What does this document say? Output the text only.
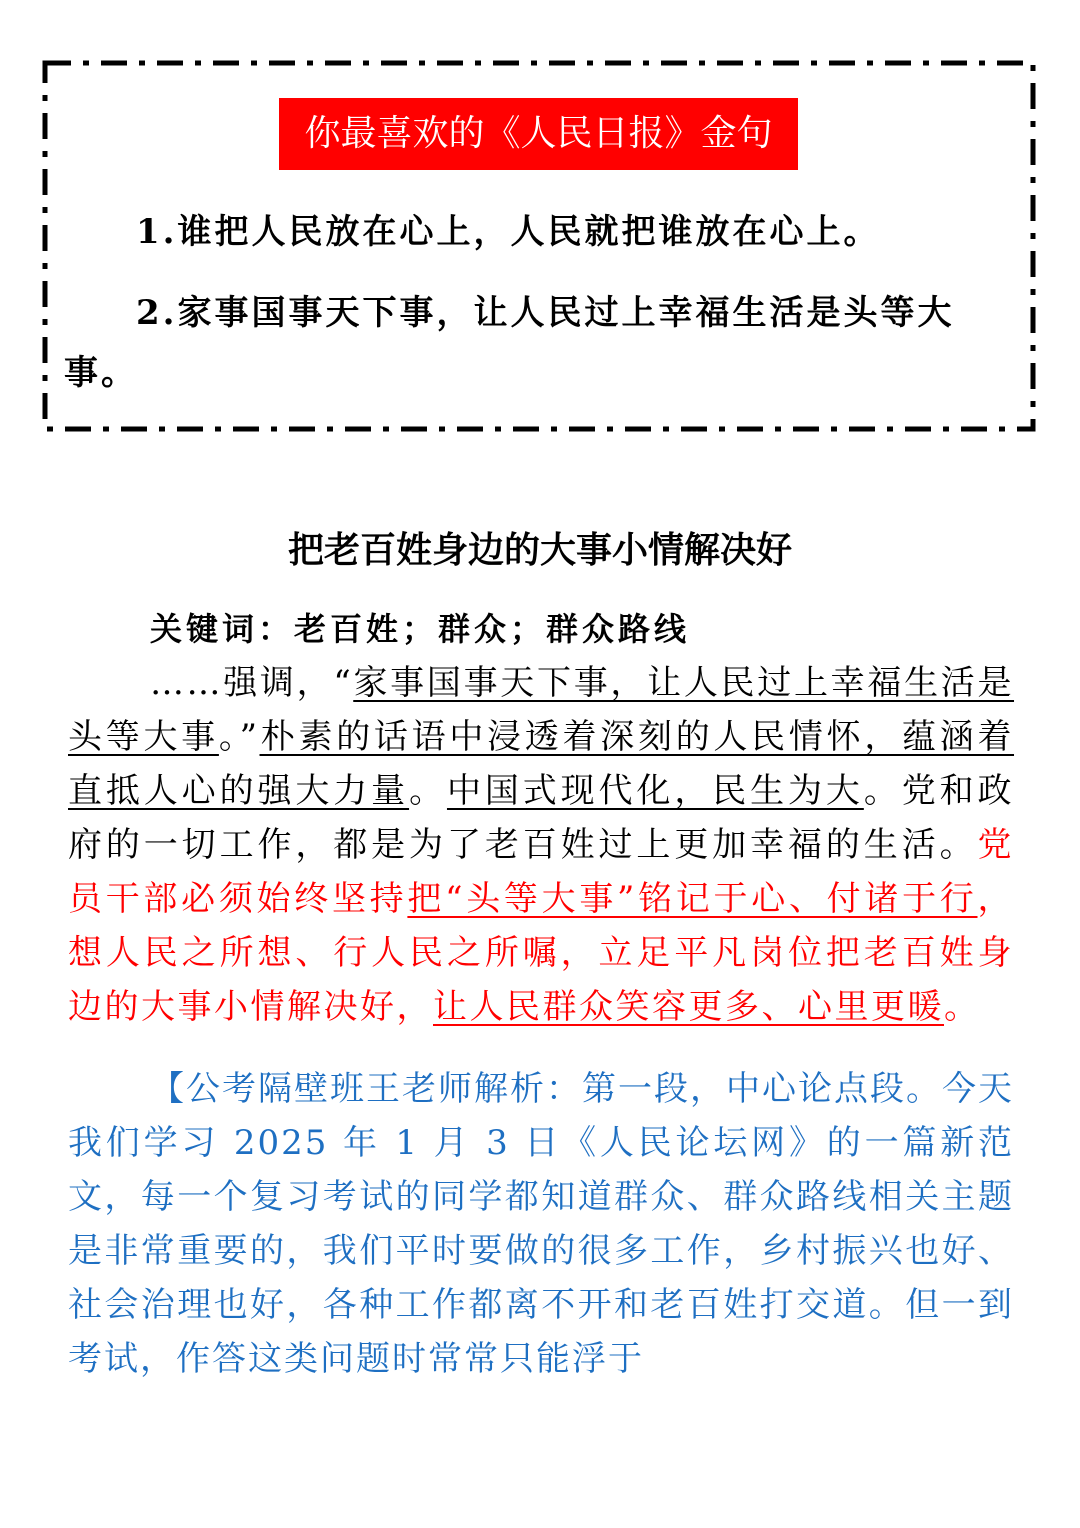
你最喜欢的《人民日报》金句
1.谁把人民放在心上，人民就把谁放在心上。
2.家事国事天下事，让人民过上幸福生活是头等大事。
把老百姓身边的大事小情解决好
关键词：老百姓；群众；群众路线
……强调，“家事国事天下事，让人民过上幸福生活是头等大事。”朴素的话语中浸透着深刻的人民情怀，蕴涵着直抵人心的强大力量。中国式现代化，民生为大。党和政府的一切工作，都是为了老百姓过上更加幸福的生活。党员干部必须始终坚持把“头等大事”铭记于心、付诸于行，想人民之所想、行人民之所嘱，立足平凡岗位把老百姓身边的大事小情解决好，让人民群众笑容更多、心里更暖。
【公考隔壁班王老师解析：第一段，中心论点段。今天我们学习 2025 年 1 月 3 日《人民论坛网》的一篇新范文，每一个复习考试的同学都知道群众、群众路线相关主题是非常重要的，我们平时要做的很多工作，乡村振兴也好、社会治理也好，各种工作都离不开和老百姓打交道。但一到考试，作答这类问题时常常只能浮于
